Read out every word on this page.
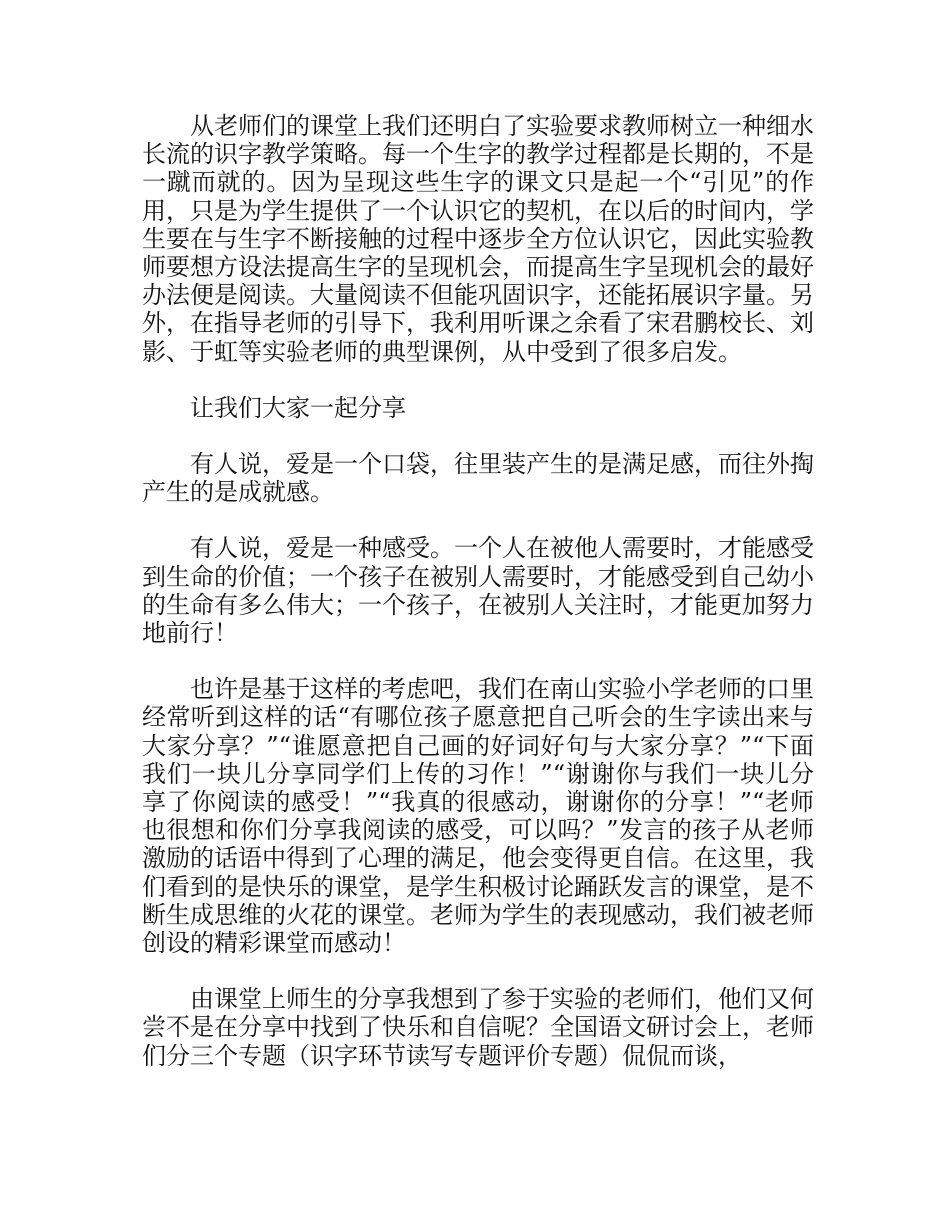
从老师们的课堂上我们还明白了实验要求教师树立一种细水长流的识字教学策略。每一个生字的教学过程都是长期的，不是一蹴而就的。因为呈现这些生字的课文只是起一个“引见”的作用，只是为学生提供了一个认识它的契机，在以后的时间内，学生要在与生字不断接触的过程中逐步全方位认识它，因此实验教师要想方设法提高生字的呈现机会，而提高生字呈现机会的最好办法便是阅读。大量阅读不但能巩固识字，还能拓展识字量。另外，在指导老师的引导下，我利用听课之余看了宋君鹏校长、刘影、于虹等实验老师的典型课例，从中受到了很多启发。

让我们大家一起分享

有人说，爱是一个口袋，往里装产生的是满足感，而往外掏产生的是成就感。

有人说，爱是一种感受。一个人在被他人需要时，才能感受到生命的价值；一个孩子在被别人需要时，才能感受到自己幼小的生命有多么伟大；一个孩子，在被别人关注时，才能更加努力地前行！

也许是基于这样的考虑吧，我们在南山实验小学老师的口里经常听到这样的话“有哪位孩子愿意把自己听会的生字读出来与大家分享？”“谁愿意把自己画的好词好句与大家分享？”“下面我们一块儿分享同学们上传的习作！”“谢谢你与我们一块儿分享了你阅读的感受！”“我真的很感动，谢谢你的分享！”“老师也很想和你们分享我阅读的感受，可以吗？”发言的孩子从老师激励的话语中得到了心理的满足，他会变得更自信。在这里，我们看到的是快乐的课堂，是学生积极讨论踊跃发言的课堂，是不断生成思维的火花的课堂。老师为学生的表现感动，我们被老师创设的精彩课堂而感动！

由课堂上师生的分享我想到了参于实验的老师们，他们又何尝不是在分享中找到了快乐和自信呢？全国语文研讨会上，老师们分三个专题（识字环节读写专题评价专题）侃侃而谈，
